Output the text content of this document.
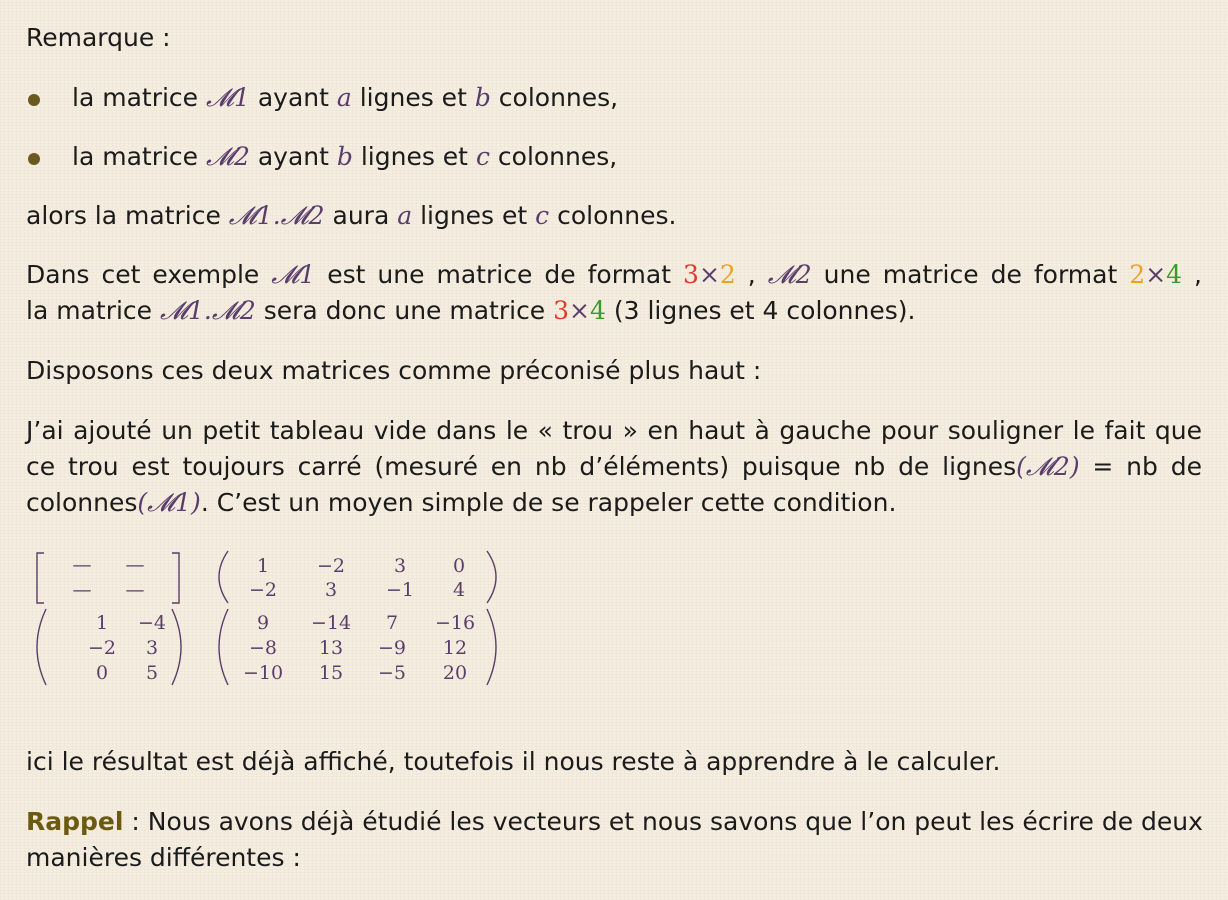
Remarque :
la matrice 𝓜1 ayant a lignes et b colonnes,
la matrice 𝓜2 ayant b lignes et c colonnes,
alors la matrice 𝓜1.𝓜2 aura a lignes et c colonnes.
Dans cet exemple 𝓜1 est une matrice de format 3×2 , 𝓜2 une matrice de format 2×4 ,
la matrice 𝓜1.𝓜2 sera donc une matrice 3×4 (3 lignes et 4 colonnes).
Disposons ces deux matrices comme préconisé plus haut :
J’ai ajouté un petit tableau vide dans le « trou » en haut à gauche pour souligner le fait que
ce trou est toujours carré (mesuré en nb d’éléments) puisque nb de lignes(𝓜2) = nb de
colonnes(𝓜1). C’est un moyen simple de se rappeler cette condition.
— —
— —
1	−2	3 0
−2	3	−1 4
1 −4
−2 3
0 5
9 −14 7 −16
−8 13 −9 12
−10 15 −5 20
ici le résultat est déjà affiché, toutefois il nous reste à apprendre à le calculer.
Rappel : Nous avons déjà étudié les vecteurs et nous savons que l’on peut les écrire de deux
manières différentes :
